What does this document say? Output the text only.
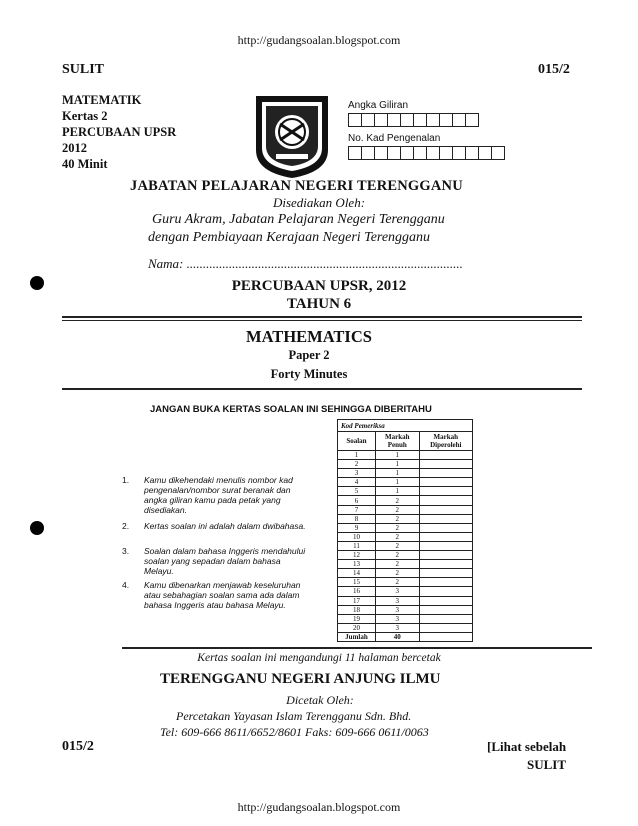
http://gudangsoalan.blogspot.com
http://gudangsoalan.blogspot.com
SULIT	015/2
MATEMATIK
Kertas 2
PERCUBAAN UPSR
2012
40 Minit
Angka Giliran
No. Kad Pengenalan
JABATAN PELAJARAN NEGERI TERENGGANU
Disediakan Oleh:
Guru Akram, Jabatan Pelajaran Negeri Terengganu
dengan Pembiayaan Kerajaan Negeri Terengganu
Nama: .....................................................................................
PERCUBAAN UPSR, 2012
TAHUN 6
MATHEMATICS
Paper 2
Forty Minutes
JANGAN BUKA KERTAS SOALAN INI SEHINGGA DIBERITAHU
1. Kamu dikehendaki menulis nombor kad pengenalan/nombor surat beranak dan angka giliran kamu pada petak yang disediakan.
2. Kertas soalan ini adalah dalam dwibahasa.
3. Soalan dalam bahasa Inggeris mendahului soalan yang sepadan dalam bahasa Melayu.
4. Kamu dibenarkan menjawab keseluruhan atau sebahagian soalan sama ada dalam bahasa Inggeris atau bahasa Melayu.
Kod Pemeriksa		
Soalan	Markah Penuh	Markah Diperolehi
1	1	
2	1	
3	1	
4	1	
5	1	
6	2	
7	2	
8	2	
9	2	
10	2	
11	2	
12	2	
13	2	
14	2	
15	2	
16	3	
17	3	
18	3	
19	3	
20	3	
Jumlah	40	
Kertas soalan ini mengandungi 11 halaman bercetak
TERENGGANU NEGERI ANJUNG ILMU
Dicetak Oleh:
Percetakan Yayasan Islam Terengganu Sdn. Bhd.
Tel: 609-666 8611/6652/8601 Faks: 609-666 0611/0063
015/2	[Lihat sebelah
SULIT
